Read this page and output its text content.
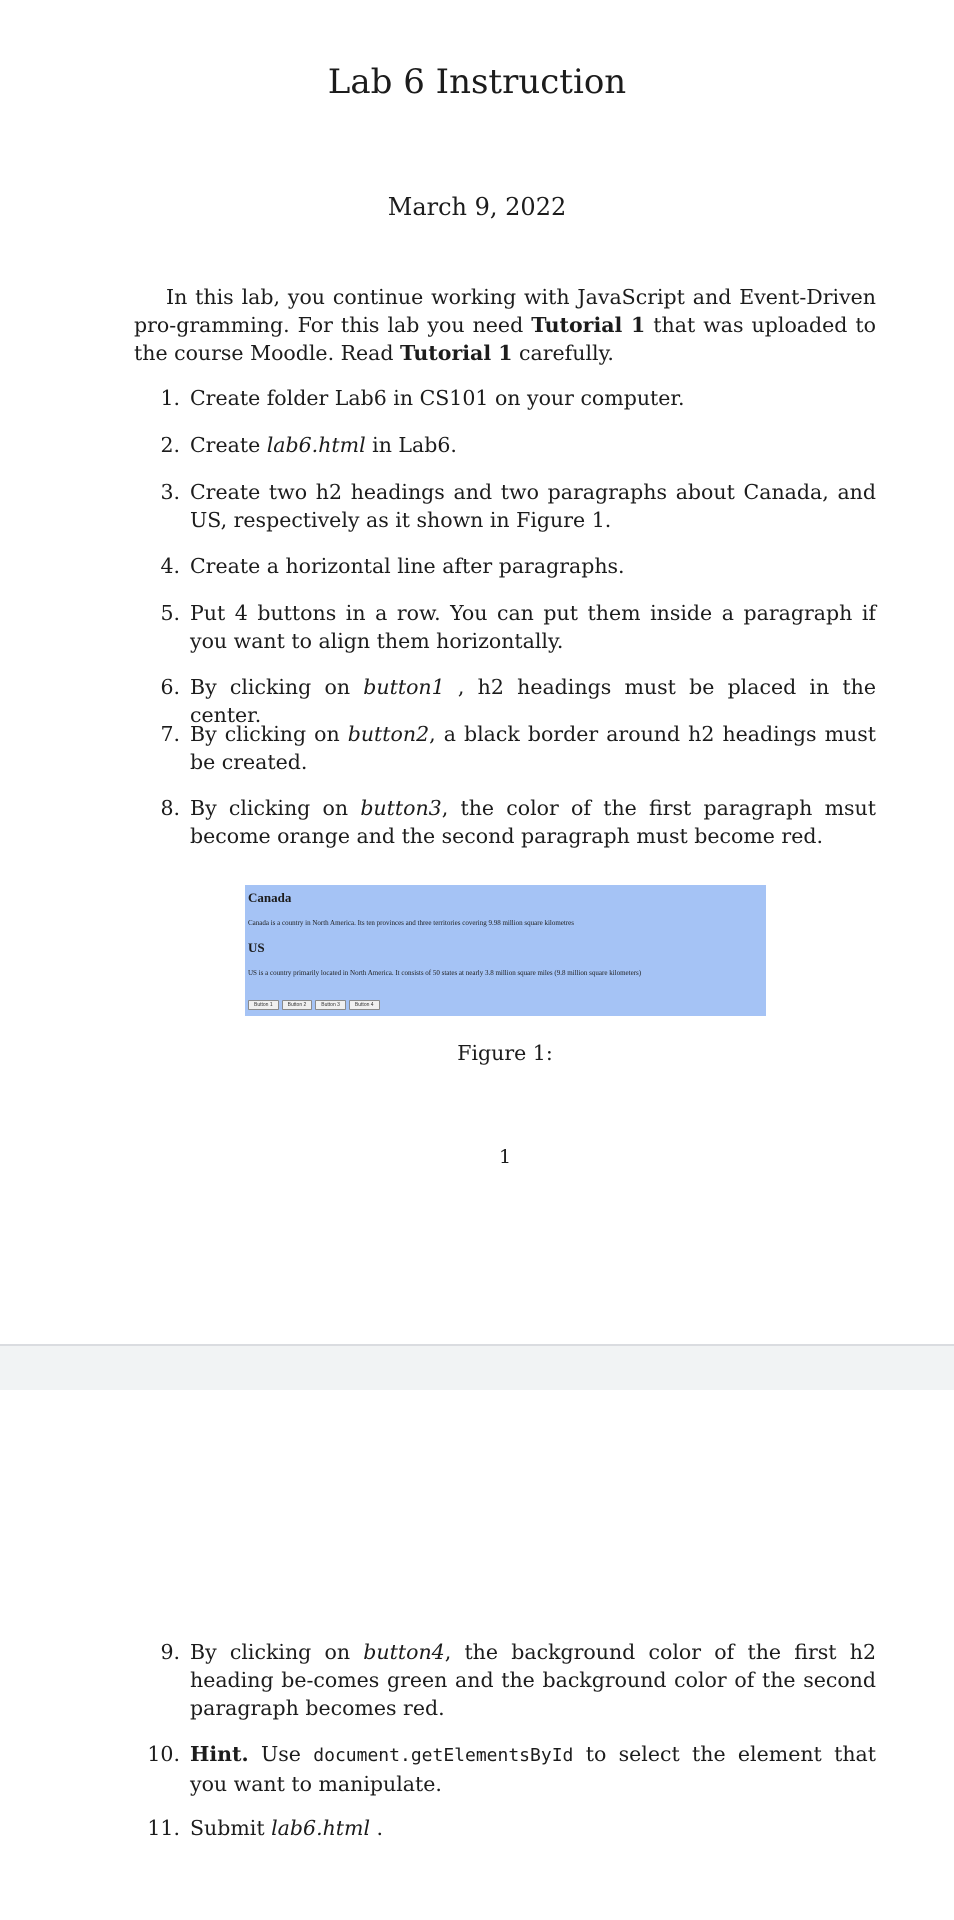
Lab 6 Instruction
March 9, 2022

In this lab, you continue working with JavaScript and Event-Driven pro-gramming. For this lab you need Tutorial 1 that was uploaded to the course Moodle. Read Tutorial 1 carefully.

1. Create folder Lab6 in CS101 on your computer.
2. Create lab6.html in Lab6.
3. Create two h2 headings and two paragraphs about Canada, and US, respectively as it shown in Figure 1.
4. Create a horizontal line after paragraphs.
5. Put 4 buttons in a row. You can put them inside a paragraph if you want to align them horizontally.
6. By clicking on button1 , h2 headings must be placed in the center.
7. By clicking on button2, a black border around h2 headings must be created.
8. By clicking on button3, the color of the first paragraph msut become orange and the second paragraph must become red.
Canada
Canada is a country in North America. Its ten provinces and three territories covering 9.98 million square kilometres
US
US is a country primarily located in North America. It consists of 50 states at nearly 3.8 million square miles (9.8 million square kilometers)
Button 1	Button 2	Button 3	Button 4
Figure 1:
1
9. By clicking on button4, the background color of the first h2 heading be-comes green and the background color of the second paragraph becomes red.
10. Hint. Use document.getElementsById to select the element that you want to manipulate.
11. Submit lab6.html .
